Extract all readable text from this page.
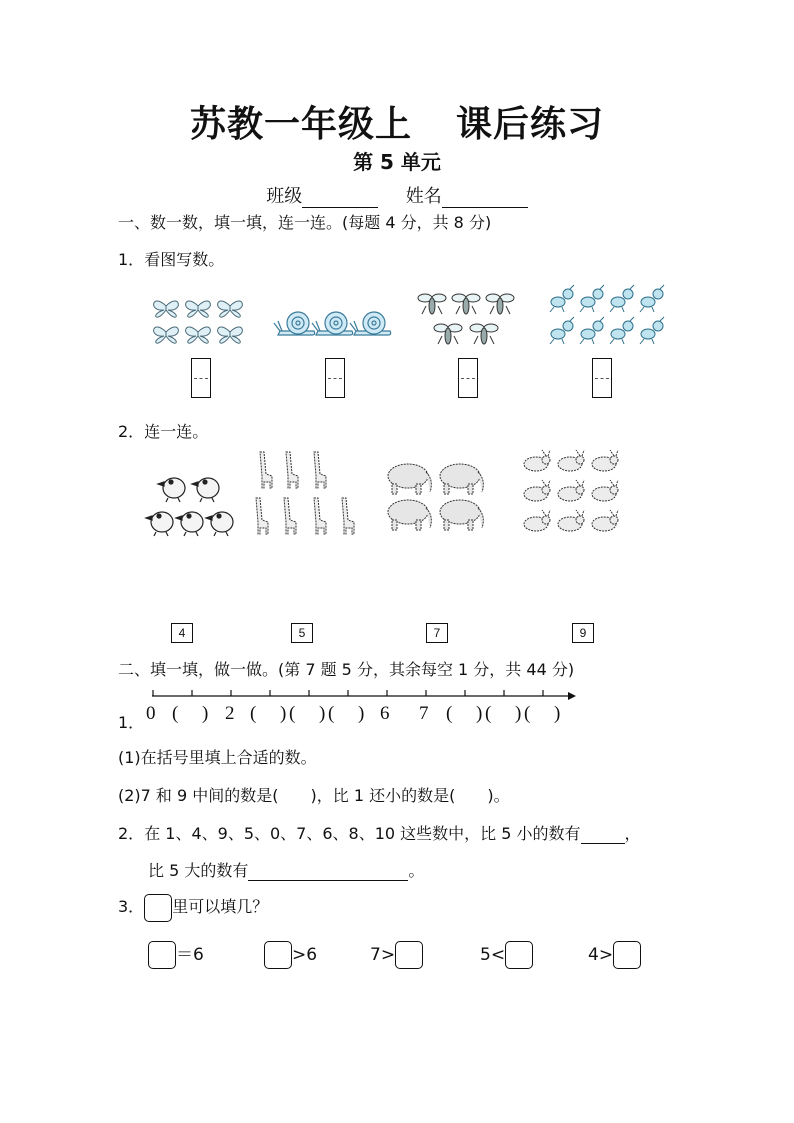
苏教一年级上 课后练习
第 5 单元
班级	姓名
一、数一数，填一填，连一连。(每题 4 分，共 8 分)
1．看图写数。
2．连一连。
4	5	7	9
二、填一填，做一做。(第 7 题 5 分，其余每空 1 分，共 44 分)
1． 0 ( ) 2 ( ) ( ) ( ) 6 7 ( ) ( ) ( )
(1)在括号里填上合适的数。
(2)7 和 9 中间的数是(　　)，比 1 还小的数是(　　)。
2．在 1、4、9、5、0、7、6、8、10 这些数中，比 5 小的数有	，
比 5 大的数有	。
3． 里可以填几？
＝6	>6	7>	5<	4>
